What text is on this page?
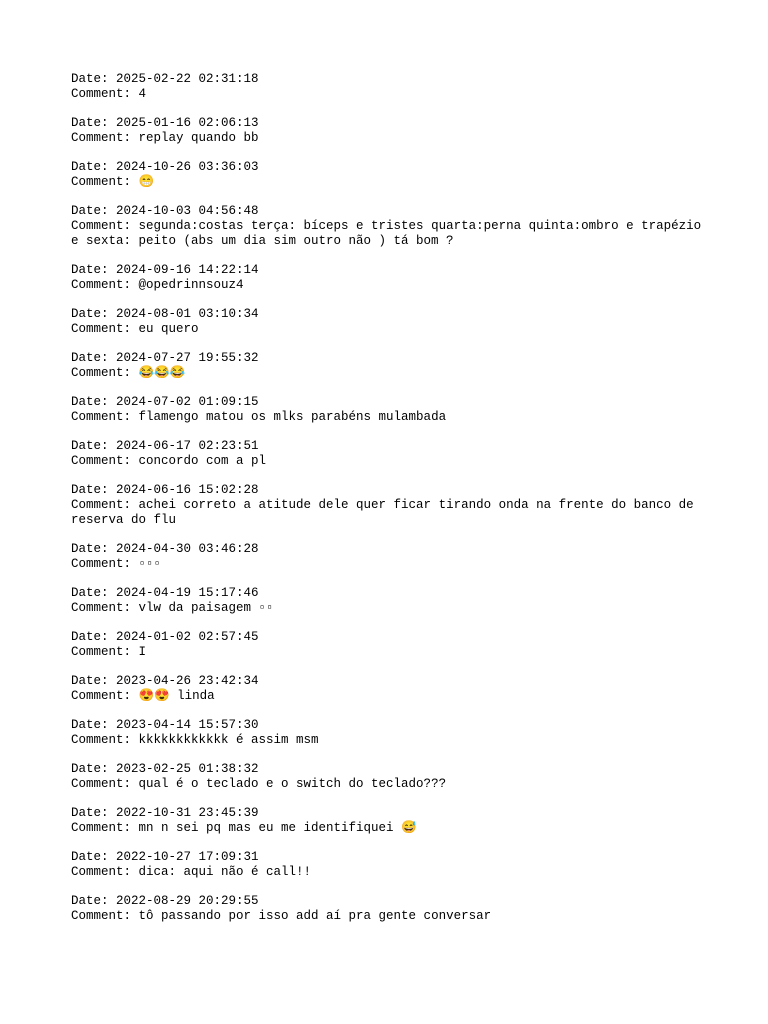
Date: 2025-02-22 02:31:18
Comment: 4
Date: 2025-01-16 02:06:13
Comment: replay quando bb
Date: 2024-10-26 03:36:03
Comment: 😁
Date: 2024-10-03 04:56:48
Comment: segunda:costas terça: bíceps e tristes quarta:perna quinta:ombro e trapézio e sexta: peito (abs um dia sim outro não ) tá bom ?
Date: 2024-09-16 14:22:14
Comment: @opedrinnsouz4
Date: 2024-08-01 03:10:34
Comment: eu quero
Date: 2024-07-27 19:55:32
Comment: 😂😂😂
Date: 2024-07-02 01:09:15
Comment: flamengo matou os mlks parabéns mulambada
Date: 2024-06-17 02:23:51
Comment: concordo com a pl
Date: 2024-06-16 15:02:28
Comment: achei correto a atitude dele quer ficar tirando onda na frente do banco de reserva do flu
Date: 2024-04-30 03:46:28
Comment: ▫▫▫
Date: 2024-04-19 15:17:46
Comment: vlw da paisagem ▫▫
Date: 2024-01-02 02:57:45
Comment: I
Date: 2023-04-26 23:42:34
Comment: 😍😍 linda
Date: 2023-04-14 15:57:30
Comment: kkkkkkkkkkkk é assim msm
Date: 2023-02-25 01:38:32
Comment: qual é o teclado e o switch do teclado???
Date: 2022-10-31 23:45:39
Comment: mn n sei pq mas eu me identifiquei 😅
Date: 2022-10-27 17:09:31
Comment: dica: aqui não é call!!
Date: 2022-08-29 20:29:55
Comment: tô passando por isso add aí pra gente conversar
